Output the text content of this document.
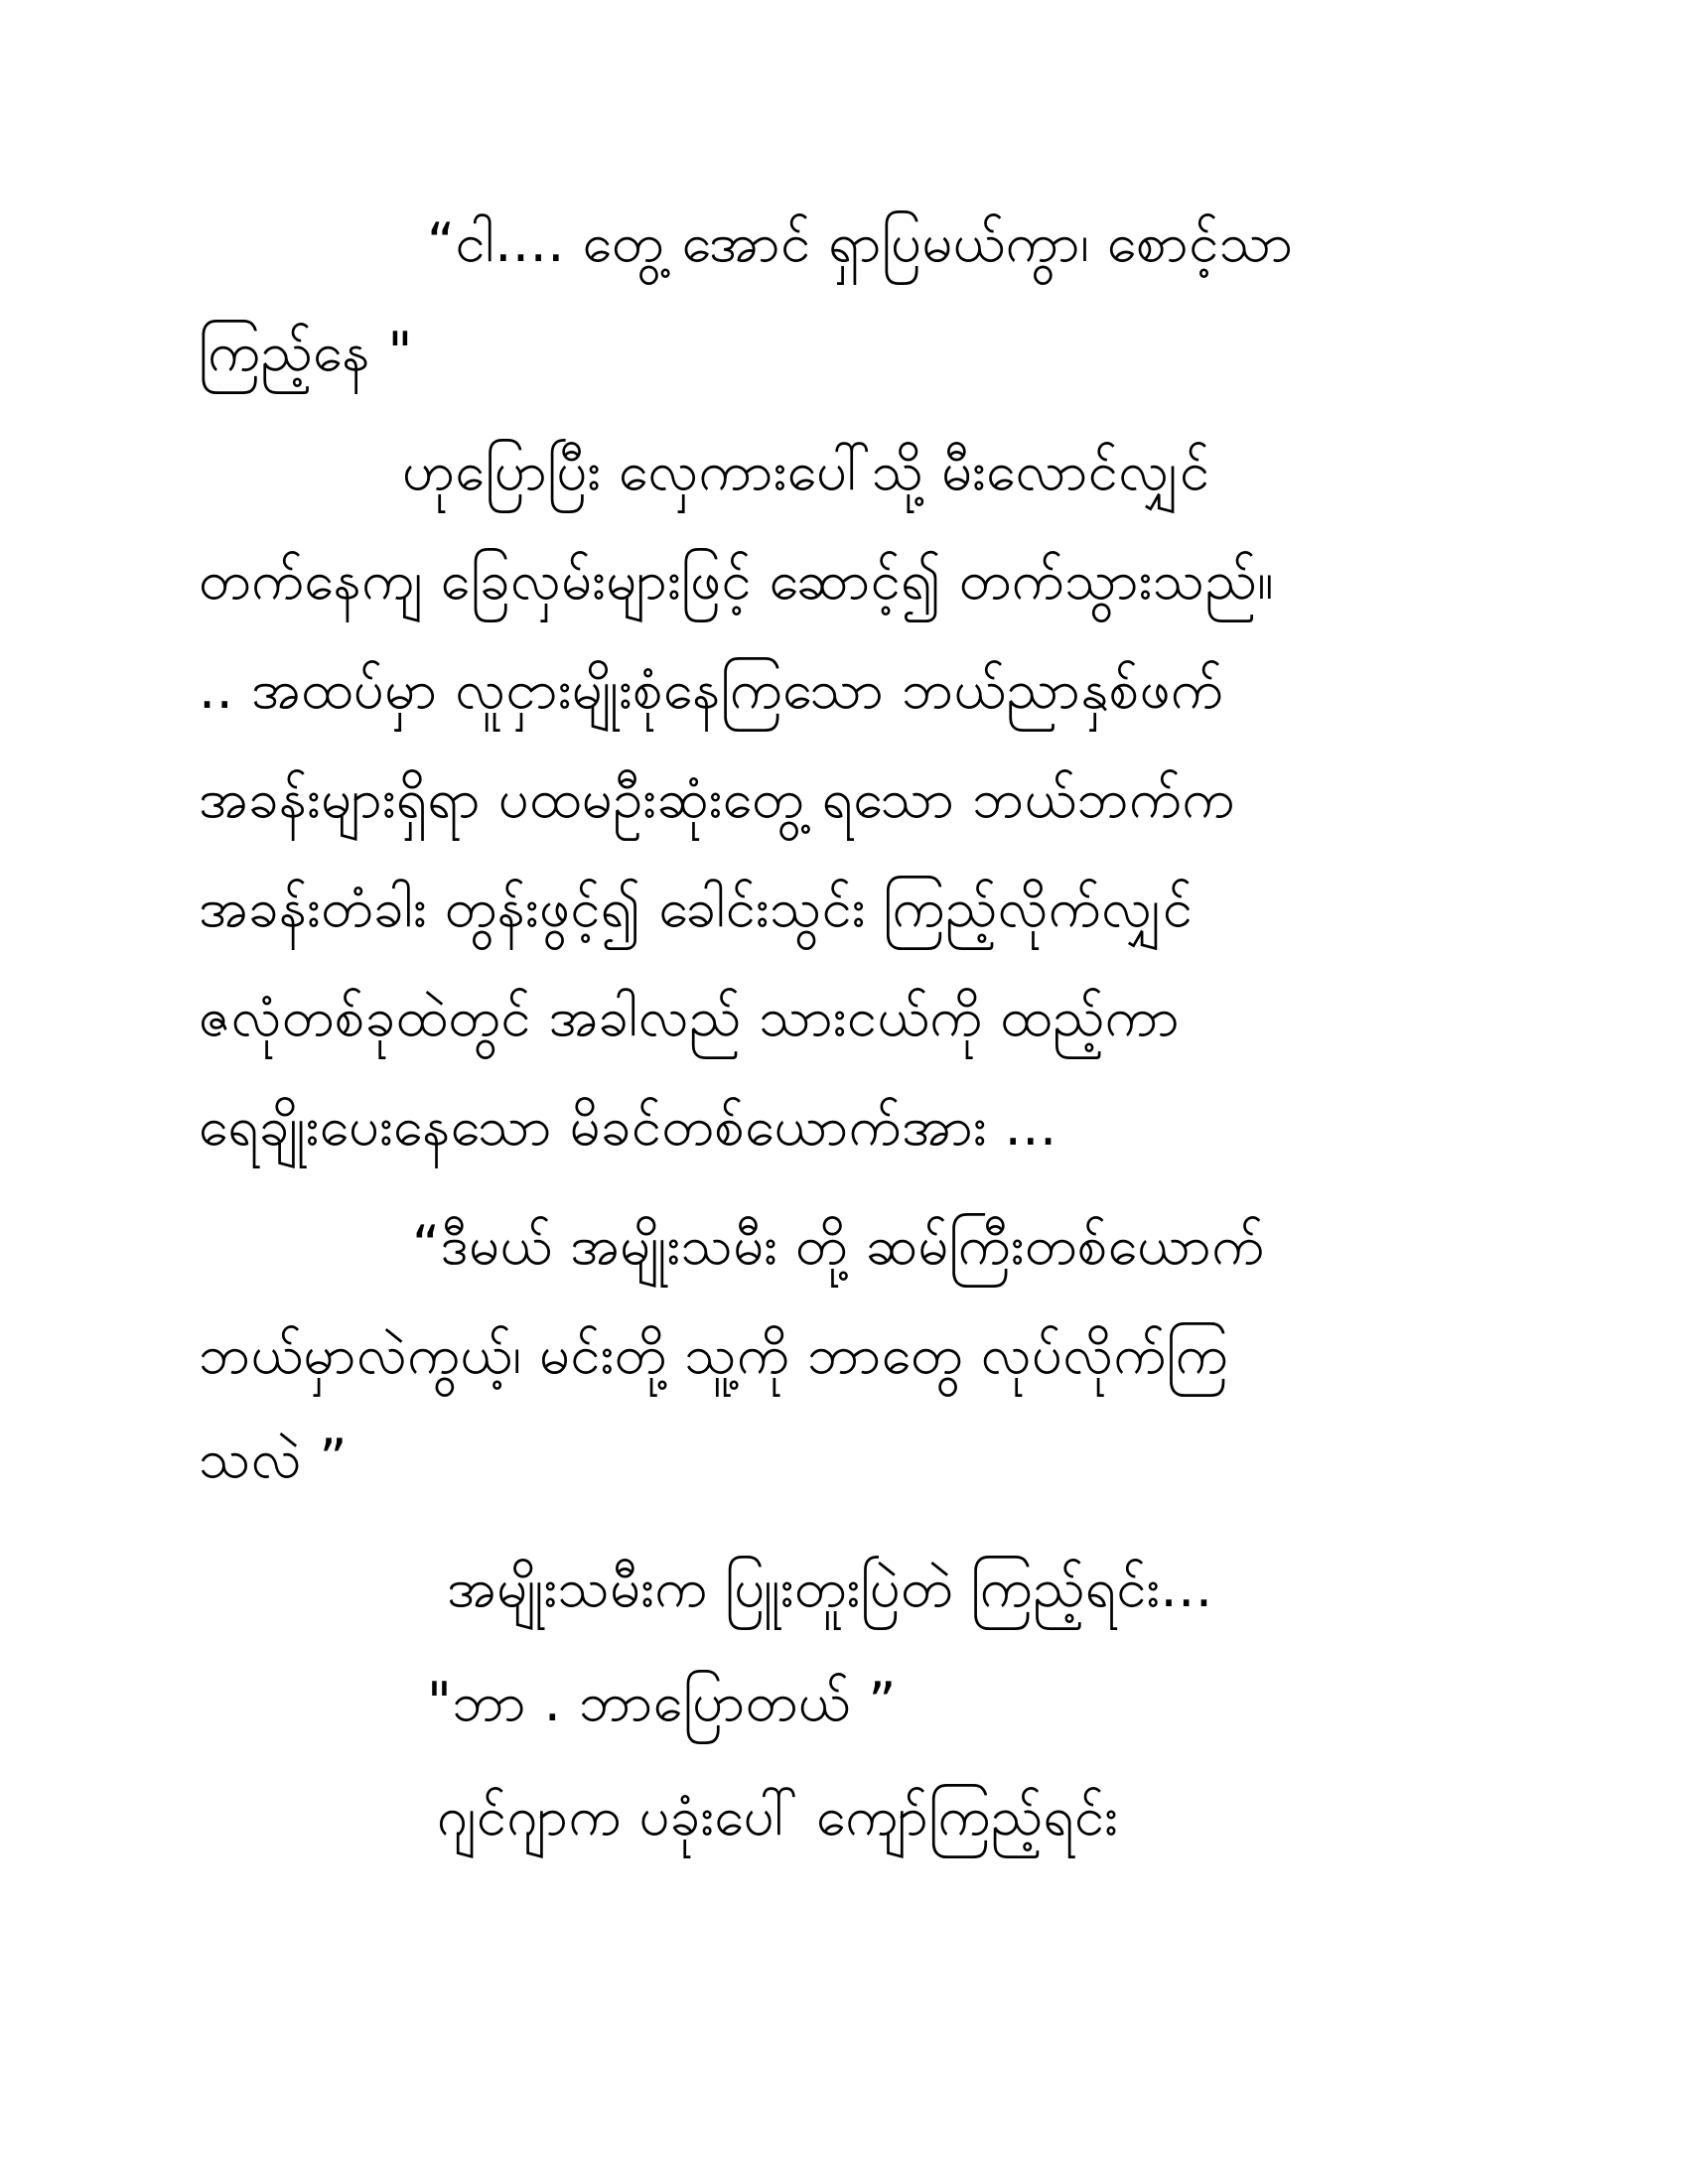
“ငါ.... တွေ့ အောင် ရှာပြမယ်ကွာ၊ စောင့်သာ
ကြည့်နေ "
ဟုပြောပြီး လှေကားပေါ်သို့ မီးလောင်လျှင်
တက်နေကျ ခြေလှမ်းများဖြင့် ဆောင့်၍ တက်သွားသည်။
.. အထပ်မှာ လူငှားမျိုးစုံနေကြသော ဘယ်ညာနှစ်ဖက်
အခန်းများရှိရာ ပထမဦးဆုံးတွေ့ ရသော ဘယ်ဘက်က
အခန်းတံခါး တွန်းဖွင့်၍ ခေါင်းသွင်း ကြည့်လိုက်လျှင်
ဇလုံတစ်ခုထဲတွင် အခါလည် သားငယ်ကို ထည့်ကာ
ရေချိုးပေးနေသော မိခင်တစ်ယောက်အား ...
“ဒီမယ် အမျိုးသမီး တို့ ဆမ်ကြီးတစ်ယောက်
ဘယ်မှာလဲကွယ့်၊ မင်းတို့ သူ့ကို ဘာတွေ လုပ်လိုက်ကြ
သလဲ ”
အမျိုးသမီးက ပြူးတူးပြဲတဲ ကြည့်ရင်း...
"ဘာ . ဘာပြောတယ် ”
ဂျင်ဂျာက ပခုံးပေါ် ကျော်ကြည့်ရင်း
